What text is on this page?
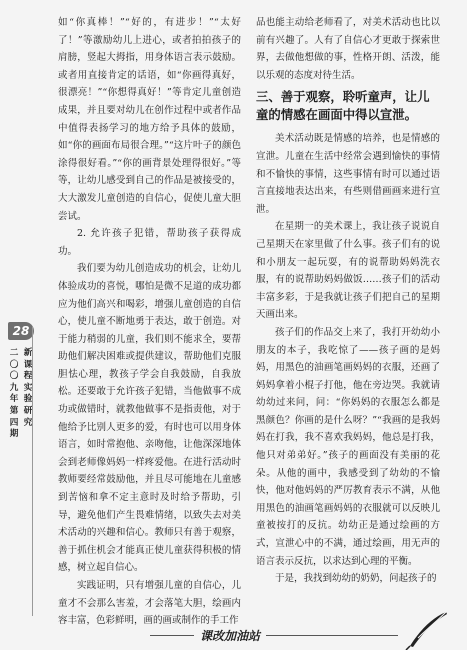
如“你真棒！”“好的，有进步！”“太好了！”等激励幼儿上进心，或者拍拍孩子的肩膀，竖起大拇指，用身体语言表示鼓励。或者用直接肯定的话语，如“你画得真好，很漂亮！”“你想得真好！”等肯定儿童创造成果，并且要对幼儿在创作过程中或者作品中值得表扬学习的地方给予具体的鼓励，如“你的画面布局很合理。”“这片叶子的颜色涂得很好看。”“你的画背景处理得很好。”等等，让幼儿感受到自己的作品是被接受的，大大激发儿童创造的自信心，促使儿童大胆尝试。

2. 允许孩子犯错，帮助孩子获得成功。

我们要为幼儿创造成功的机会，让幼儿体验成功的喜悦，哪怕是微不足道的成功都应为他们高兴和喝彩，增强儿童创造的自信心，使儿童不断地勇于表达，敢于创造。对于能力稍弱的儿童，我们则不能求全，要帮助他们解决困难或提供建议，帮助他们克服胆怯心理，教孩子学会自我鼓励，自我放松。还要敢于允许孩子犯错，当他做事不成功或做错时，就教他做事不是指责他，对于他给予比别人更多的爱，有时也可以用身体语言，如时常抱他、亲吻他，让他深深地体会到老师像妈妈一样疼爱他。在进行活动时教师要经常鼓励他，并且尽可能地在儿童感到苦恼和拿不定主意时及时给予帮助，引导，避免他们产生畏难情绪，以致失去对美术活动的兴趣和信心。教师只有善于观察，善于抓住机会才能真正使儿童获得积极的情感，树立起自信心。

实践证明，只有增强儿童的自信心，儿童才不会那么害羞，才会落笔大胆，绘画内容丰富，色彩鲜明，画的画或制作的手工作

品也能主动给老师看了，对美术活动也比以前有兴趣了。人有了自信心才更敢于探索世界，去做他想做的事，性格开朗、活泼，能以乐观的态度对待生活。

三、善于观察，聆听童声，让儿童的情感在画面中得以宣泄。

美术活动既是情感的培养，也是情感的宣泄。儿童在生活中经常会遇到愉快的事情和不愉快的事情，这些事情有时可以通过语言直接地表达出来，有些则借画画来进行宣泄。

在星期一的美术课上，我让孩子说说自己星期天在家里做了什么事。孩子们有的说和小朋友一起玩耍，有的说帮助妈妈洗衣服，有的说帮助妈妈做饭……孩子们的活动丰富多彩，于是我就让孩子们把自己的星期天画出来。

孩子们的作品交上来了，我打开幼幼小朋友的本子，我吃惊了——孩子画的是妈妈，用黑色的油画笔画妈妈的衣服，还画了妈妈拿着小棍子打他，他在旁边哭。我就请幼幼过来问，问：“你妈妈的衣服怎么都是黑颜色？你画的是什么呀？”“我画的是我妈妈在打我，我不喜欢我妈妈，他总是打我，他只对弟弟好。”孩子的画面没有美丽的花朵。从他的画中，我感受到了幼幼的不愉快，他对他妈妈的严厉教育表示不满，从他用黑色的油画笔画妈妈的衣服就可以反映儿童被按打的反抗。幼幼正是通过绘画的方式，宣泄心中的不满，通过绘画，用无声的语言表示反抗，以求达到心理的平衡。

于是，我找到幼幼的奶奶，问起孩子的

28
新课程实验研究
二〇〇九年第四期
课改加油站
